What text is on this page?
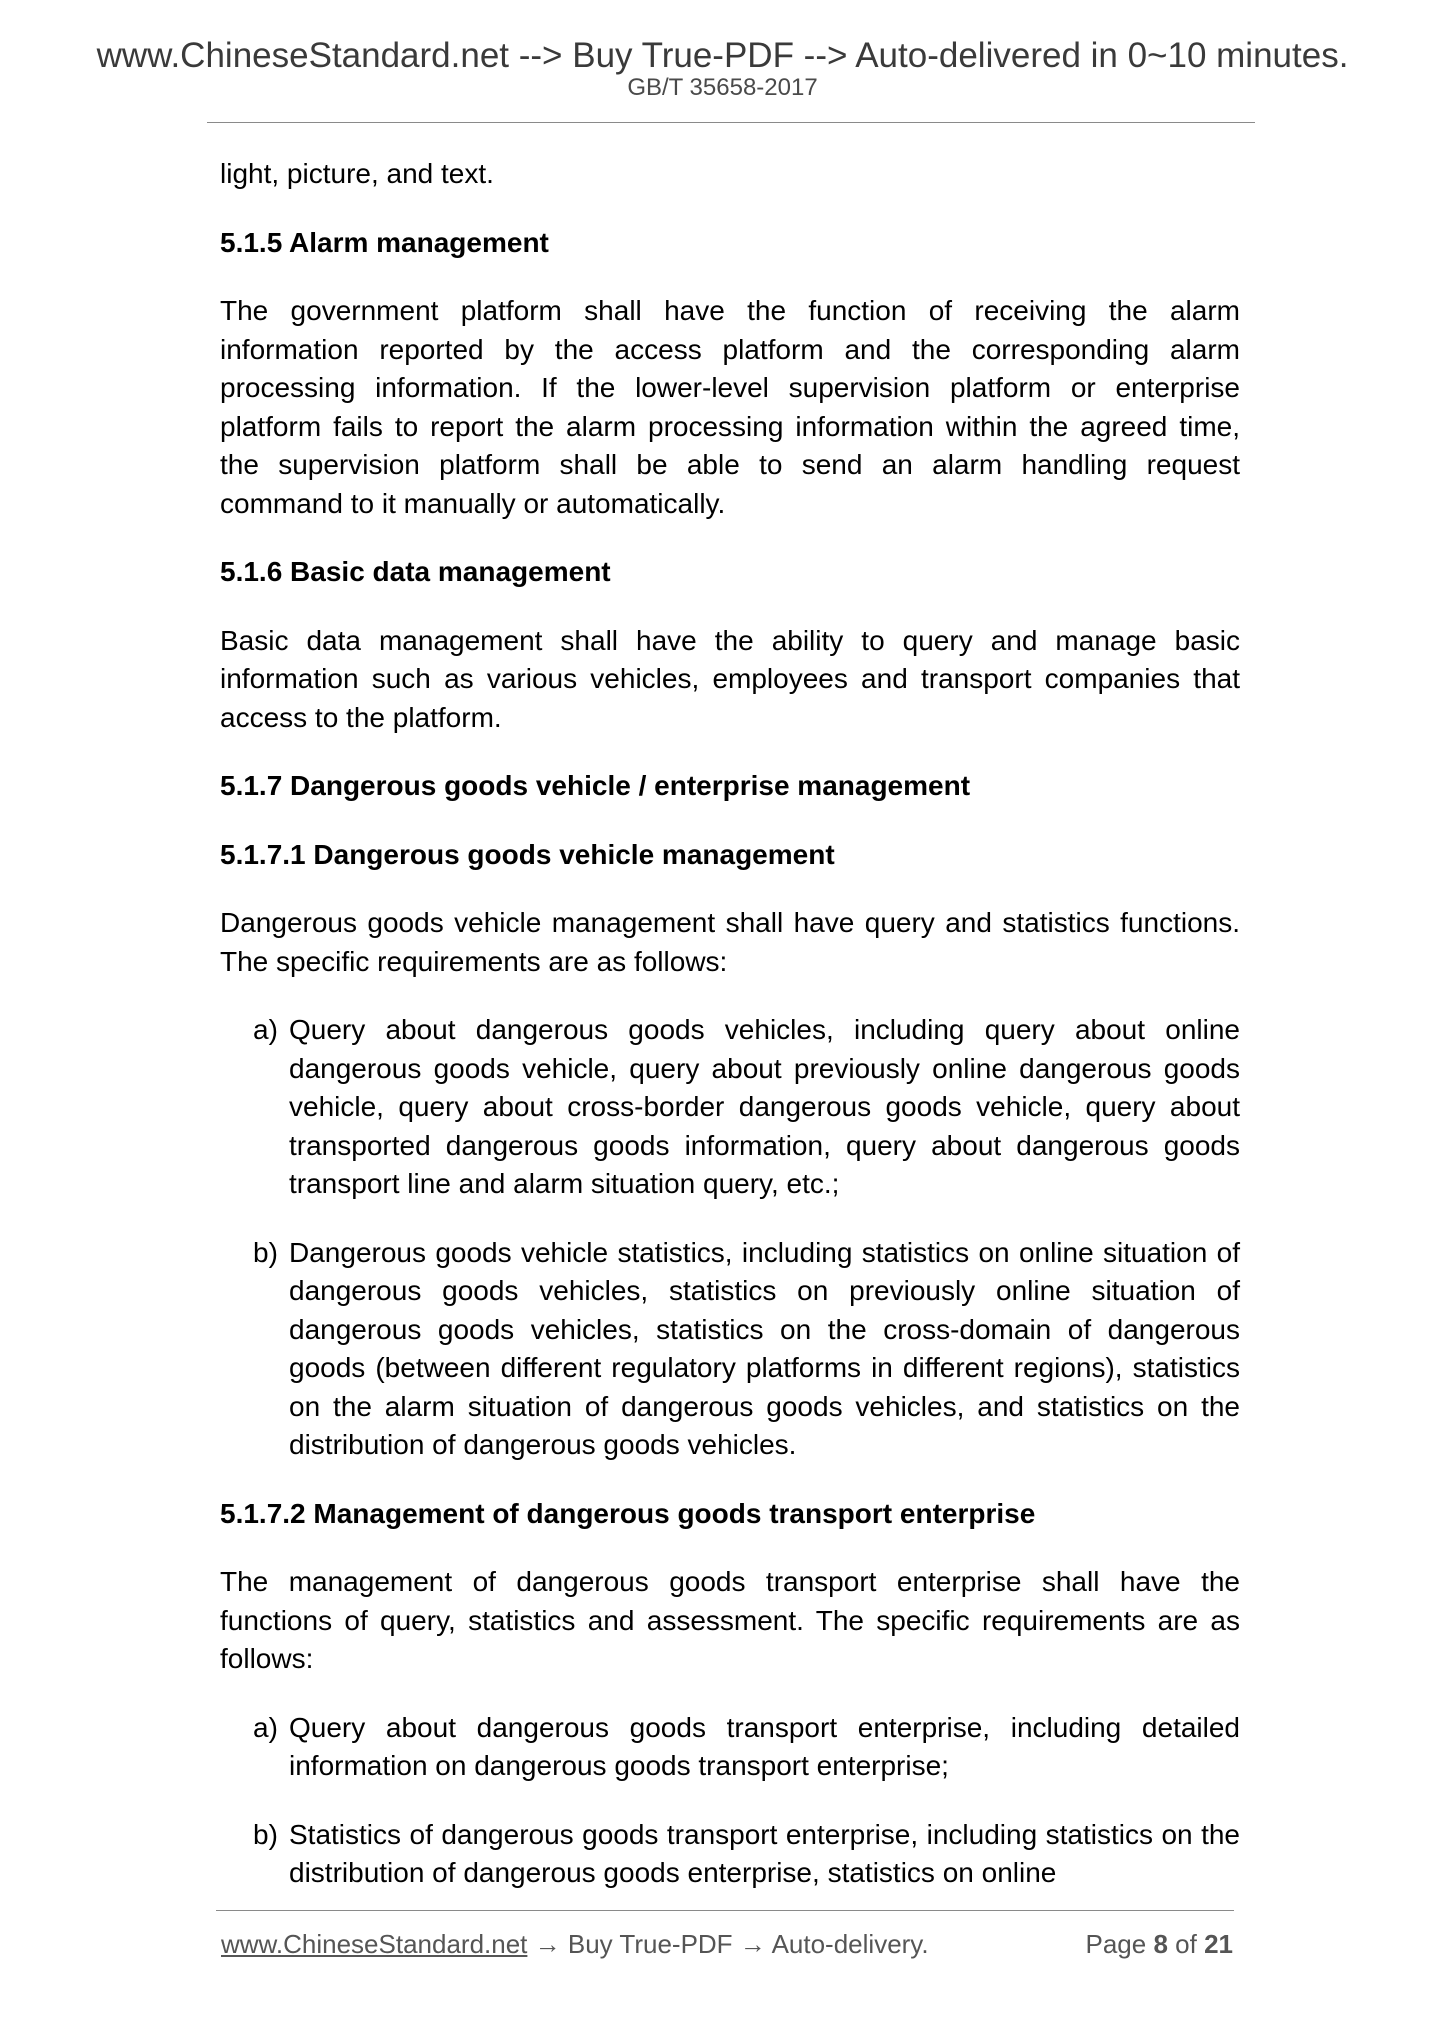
www.ChineseStandard.net --> Buy True-PDF --> Auto-delivered in 0~10 minutes.
GB/T 35658-2017

light, picture, and text.

5.1.5 Alarm management

The government platform shall have the function of receiving the alarm information reported by the access platform and the corresponding alarm processing information. If the lower-level supervision platform or enterprise platform fails to report the alarm processing information within the agreed time, the supervision platform shall be able to send an alarm handling request command to it manually or automatically.

5.1.6 Basic data management

Basic data management shall have the ability to query and manage basic information such as various vehicles, employees and transport companies that access to the platform.

5.1.7 Dangerous goods vehicle / enterprise management

5.1.7.1 Dangerous goods vehicle management

Dangerous goods vehicle management shall have query and statistics functions. The specific requirements are as follows:

a) Query about dangerous goods vehicles, including query about online dangerous goods vehicle, query about previously online dangerous goods vehicle, query about cross-border dangerous goods vehicle, query about transported dangerous goods information, query about dangerous goods transport line and alarm situation query, etc.;
b) Dangerous goods vehicle statistics, including statistics on online situation of dangerous goods vehicles, statistics on previously online situation of dangerous goods vehicles, statistics on the cross-domain of dangerous goods (between different regulatory platforms in different regions), statistics on the alarm situation of dangerous goods vehicles, and statistics on the distribution of dangerous goods vehicles.

5.1.7.2 Management of dangerous goods transport enterprise

The management of dangerous goods transport enterprise shall have the functions of query, statistics and assessment. The specific requirements are as follows:

a) Query about dangerous goods transport enterprise, including detailed information on dangerous goods transport enterprise;
b) Statistics of dangerous goods transport enterprise, including statistics on the distribution of dangerous goods enterprise, statistics on online
www.ChineseStandard.net → Buy True-PDF → Auto-delivery.	Page 8 of 21
